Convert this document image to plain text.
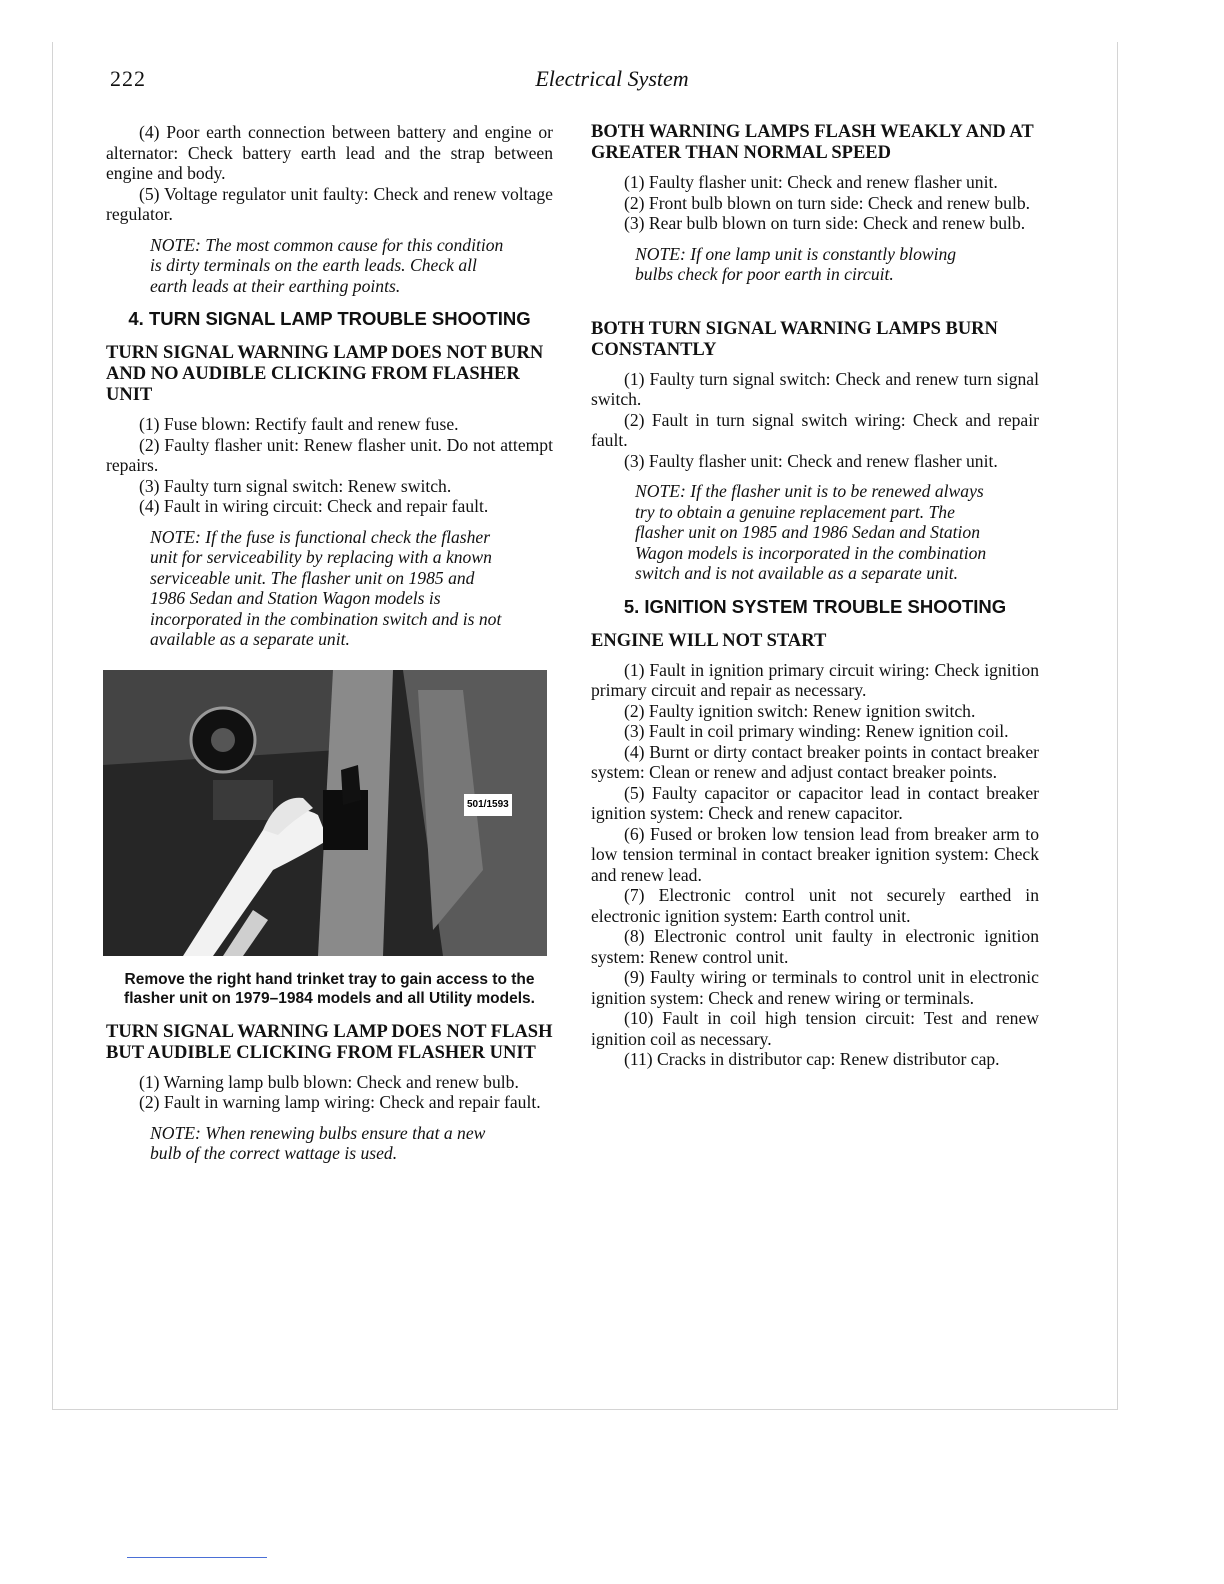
222	Electrical System

(4) Poor earth connection between battery and engine or alternator: Check battery earth lead and the strap between engine and body.

(5) Voltage regulator unit faulty: Check and renew voltage regulator.

NOTE: The most common cause for this condition is dirty terminals on the earth leads. Check all earth leads at their earthing points.

4. TURN SIGNAL LAMP TROUBLE SHOOTING

TURN SIGNAL WARNING LAMP DOES NOT BURN AND NO AUDIBLE CLICKING FROM FLASHER UNIT

(1) Fuse blown: Rectify fault and renew fuse.

(2) Faulty flasher unit: Renew flasher unit. Do not attempt repairs.

(3) Faulty turn signal switch: Renew switch.

(4) Fault in wiring circuit: Check and repair fault.

NOTE: If the fuse is functional check the flasher unit for serviceability by replacing with a known serviceable unit. The flasher unit on 1985 and 1986 Sedan and Station Wagon models is incorporated in the combination switch and is not available as a separate unit.

501/1593
Remove the right hand trinket tray to gain access to the flasher unit on 1979–1984 models and all Utility models.

TURN SIGNAL WARNING LAMP DOES NOT FLASH BUT AUDIBLE CLICKING FROM FLASHER UNIT

(1) Warning lamp bulb blown: Check and renew bulb.

(2) Fault in warning lamp wiring: Check and repair fault.

NOTE: When renewing bulbs ensure that a new bulb of the correct wattage is used.

BOTH WARNING LAMPS FLASH WEAKLY AND AT GREATER THAN NORMAL SPEED

(1) Faulty flasher unit: Check and renew flasher unit.

(2) Front bulb blown on turn side: Check and renew bulb.

(3) Rear bulb blown on turn side: Check and renew bulb.

NOTE: If one lamp unit is constantly blowing bulbs check for poor earth in circuit.

BOTH TURN SIGNAL WARNING LAMPS BURN CONSTANTLY

(1) Faulty turn signal switch: Check and renew turn signal switch.

(2) Fault in turn signal switch wiring: Check and repair fault.

(3) Faulty flasher unit: Check and renew flasher unit.

NOTE: If the flasher unit is to be renewed always try to obtain a genuine replacement part. The flasher unit on 1985 and 1986 Sedan and Station Wagon models is incorporated in the combination switch and is not available as a separate unit.

5. IGNITION SYSTEM TROUBLE SHOOTING

ENGINE WILL NOT START

(1) Fault in ignition primary circuit wiring: Check ignition primary circuit and repair as necessary.

(2) Faulty ignition switch: Renew ignition switch.

(3) Fault in coil primary winding: Renew ignition coil.

(4) Burnt or dirty contact breaker points in contact breaker system: Clean or renew and adjust contact breaker points.

(5) Faulty capacitor or capacitor lead in contact breaker ignition system: Check and renew capacitor.

(6) Fused or broken low tension lead from breaker arm to low tension terminal in contact breaker ignition system: Check and renew lead.

(7) Electronic control unit not securely earthed in electronic ignition system: Earth control unit.

(8) Electronic control unit faulty in electronic ignition system: Renew control unit.

(9) Faulty wiring or terminals to control unit in electronic ignition system: Check and renew wiring or terminals.

(10) Fault in coil high tension circuit: Test and renew ignition coil as necessary.

(11) Cracks in distributor cap: Renew distributor cap.
